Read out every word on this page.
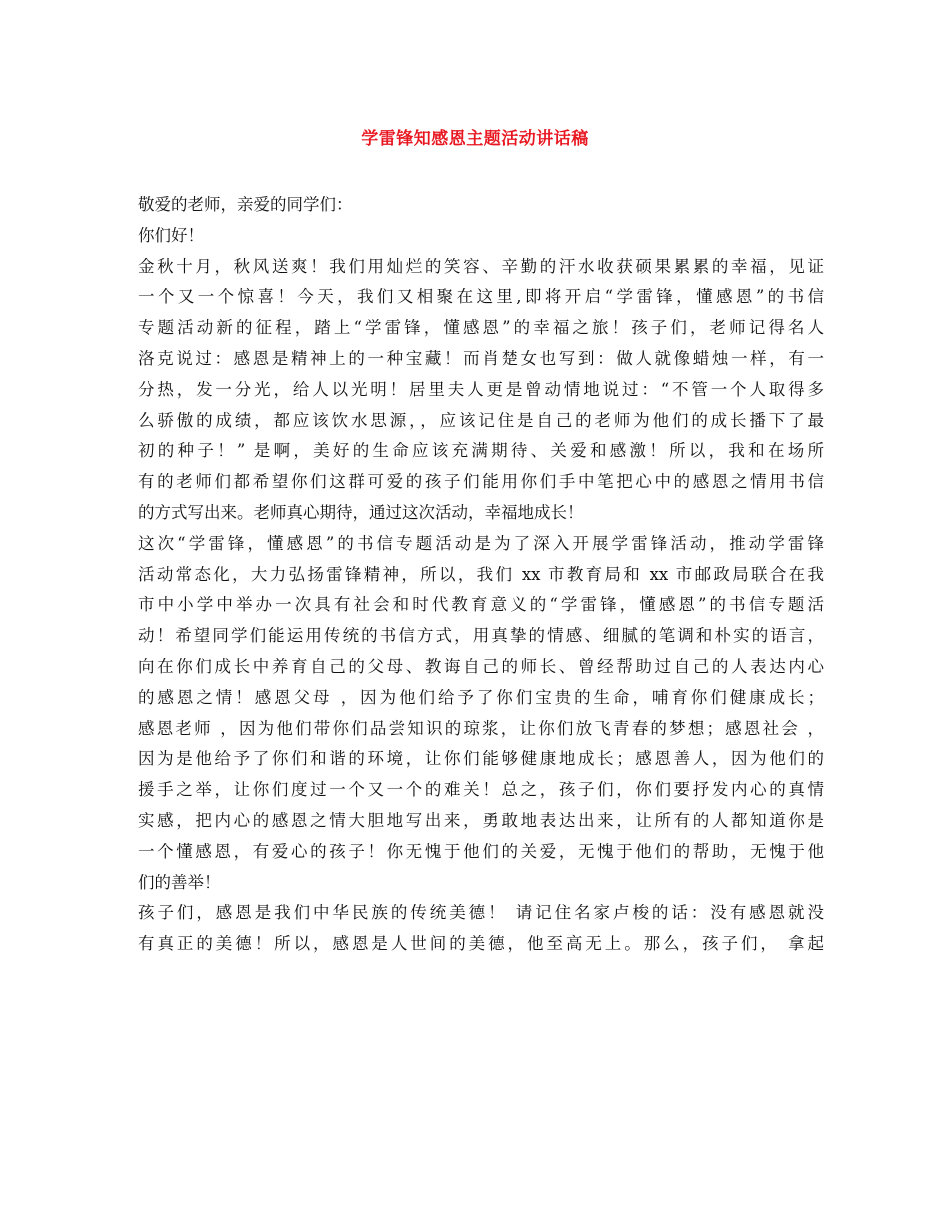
学雷锋知感恩主题活动讲话稿
敬爱的老师，亲爱的同学们：
你们好！
金秋十月，秋风送爽！我们用灿烂的笑容、辛勤的汗水收获硕果累累的幸福，见证
一个又一个惊喜！今天，我们又相聚在这里,即将开启“学雷锋，懂感恩”的书信
专题活动新的征程，踏上“学雷锋，懂感恩”的幸福之旅！孩子们，老师记得名人
洛克说过：感恩是精神上的一种宝藏！而肖楚女也写到：做人就像蜡烛一样，有一
分热，发一分光，给人以光明！居里夫人更是曾动情地说过：“不管一个人取得多
么骄傲的成绩，都应该饮水思源，，应该记住是自己的老师为他们的成长播下了最
初的种子！” 是啊，美好的生命应该充满期待、关爱和感激！所以，我和在场所
有的老师们都希望你们这群可爱的孩子们能用你们手中笔把心中的感恩之情用书信
的方式写出来。老师真心期待，通过这次活动，幸福地成长！
这次“学雷锋，懂感恩”的书信专题活动是为了深入开展学雷锋活动，推动学雷锋
活动常态化，大力弘扬雷锋精神，所以，我们 xx 市教育局和 xx 市邮政局联合在我
市中小学中举办一次具有社会和时代教育意义的“学雷锋，懂感恩”的书信专题活
动！希望同学们能运用传统的书信方式，用真挚的情感、细腻的笔调和朴实的语言，
向在你们成长中养育自己的父母、教诲自己的师长、曾经帮助过自己的人表达内心
的感恩之情！感恩父母 ，因为他们给予了你们宝贵的生命，哺育你们健康成长；
感恩老师 ，因为他们带你们品尝知识的琼浆，让你们放飞青春的梦想；感恩社会 ，
因为是他给予了你们和谐的环境，让你们能够健康地成长；感恩善人，因为他们的
援手之举，让你们度过一个又一个的难关！总之，孩子们，你们要抒发内心的真情
实感，把内心的感恩之情大胆地写出来，勇敢地表达出来，让所有的人都知道你是
一个懂感恩，有爱心的孩子！你无愧于他们的关爱，无愧于他们的帮助，无愧于他
们的善举！
孩子们，感恩是我们中华民族的传统美德！ 请记住名家卢梭的话：没有感恩就没
有真正的美德！所以，感恩是人世间的美德，他至高无上。那么，孩子们， 拿起
